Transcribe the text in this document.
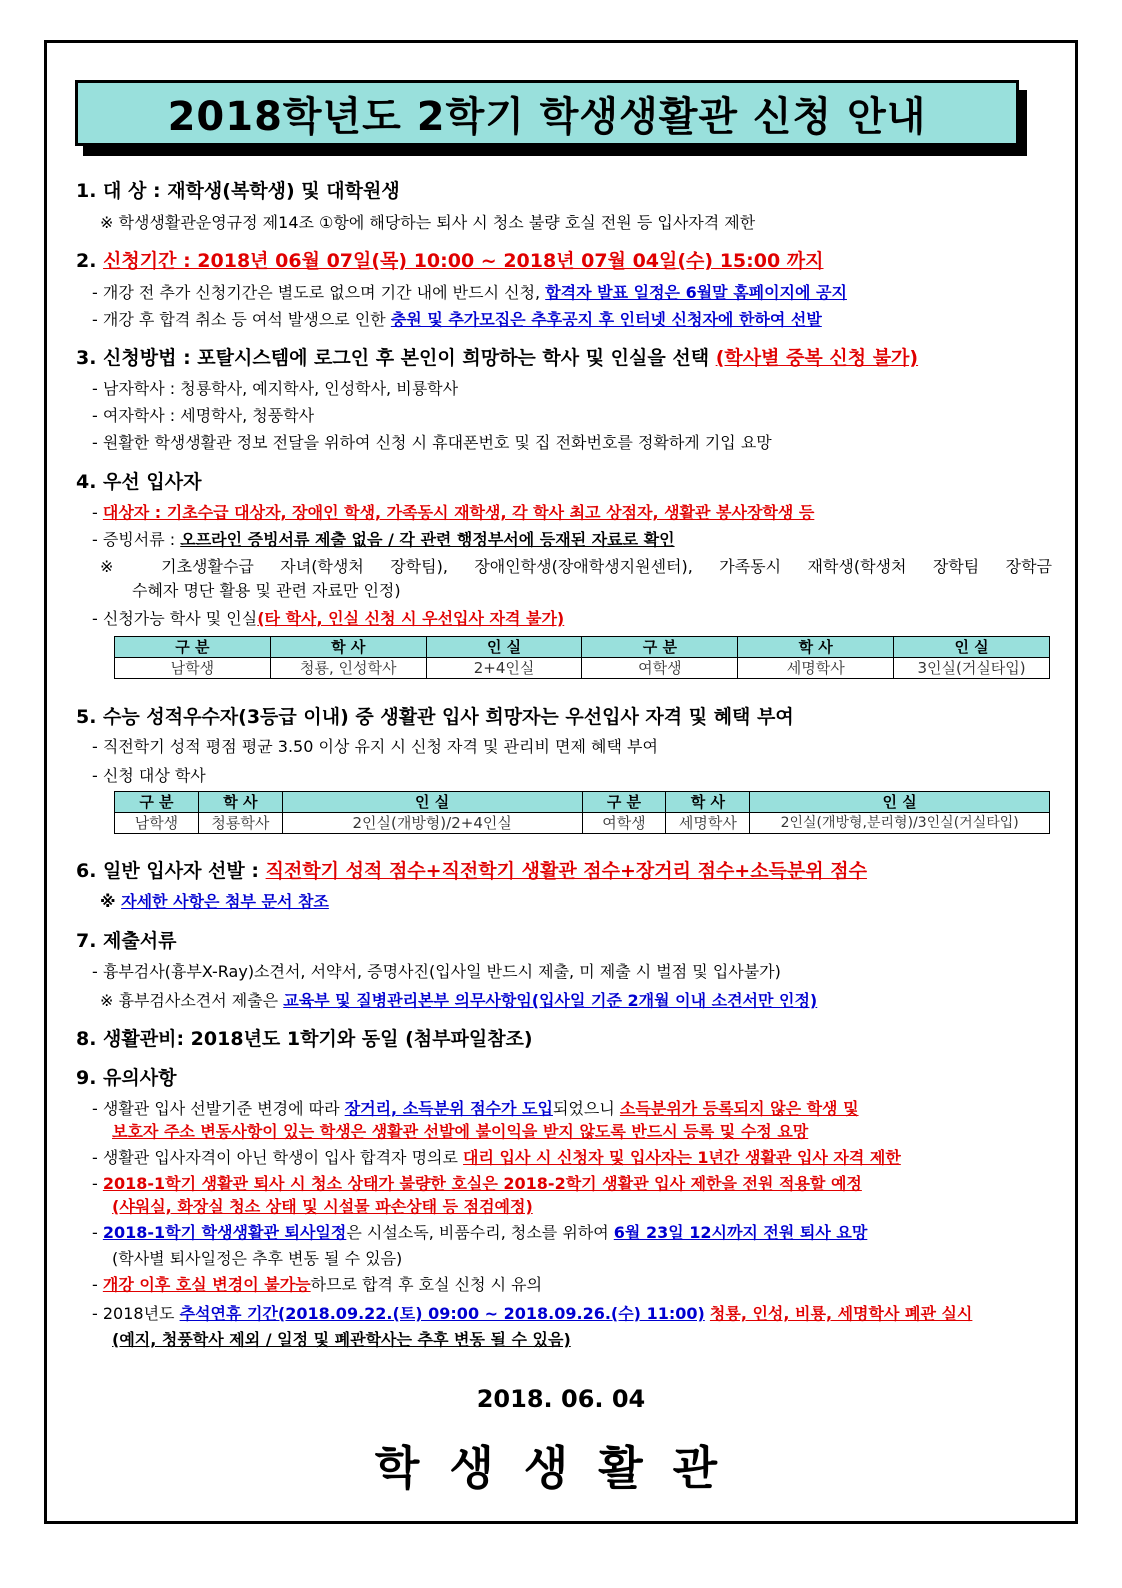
2018학년도 2학기 학생생활관 신청 안내
1. 대 상 : 재학생(복학생) 및 대학원생
※ 학생생활관운영규정 제14조 ①항에 해당하는 퇴사 시 청소 불량 호실 전원 등 입사자격 제한
2. 신청기간 : 2018년 06월 07일(목) 10:00 ~ 2018년 07월 04일(수) 15:00 까지
- 개강 전 추가 신청기간은 별도로 없으며 기간 내에 반드시 신청, 합격자 발표 일정은 6월말 홈페이지에 공지
- 개강 후 합격 취소 등 여석 발생으로 인한 충원 및 추가모집은 추후공지 후 인터넷 신청자에 한하여 선발
3. 신청방법 : 포탈시스템에 로그인 후 본인이 희망하는 학사 및 인실을 선택 (학사별 중복 신청 불가)
- 남자학사 : 청룡학사, 예지학사, 인성학사, 비룡학사
- 여자학사 : 세명학사, 청풍학사
- 원활한 학생생활관 정보 전달을 위하여 신청 시 휴대폰번호 및 집 전화번호를 정확하게 기입 요망
4. 우선 입사자
- 대상자 : 기초수급 대상자, 장애인 학생, 가족동시 재학생, 각 학사 최고 상점자, 생활관 봉사장학생 등
- 증빙서류 : 오프라인 증빙서류 제출 없음 / 각 관련 행정부서에 등재된 자료로 확인
※ 기초생활수급 자녀(학생처 장학팀), 장애인학생(장애학생지원센터), 가족동시 재학생(학생처 장학팀 장학금
수혜자 명단 활용 및 관련 자료만 인정)
- 신청가능 학사 및 인실(타 학사, 인실 신청 시 우선입사 자격 불가)
구 분	학 사	인 실	구 분	학 사	인 실
남학생	청룡, 인성학사	2+4인실	여학생	세명학사	3인실(거실타입)
5. 수능 성적우수자(3등급 이내) 중 생활관 입사 희망자는 우선입사 자격 및 혜택 부여
- 직전학기 성적 평점 평균 3.50 이상 유지 시 신청 자격 및 관리비 면제 혜택 부여
- 신청 대상 학사
구 분	학 사	인 실	구 분	학 사	인 실
남학생	청룡학사	2인실(개방형)/2+4인실	여학생	세명학사	2인실(개방형,분리형)/3인실(거실타입)
6. 일반 입사자 선발 : 직전학기 성적 점수+직전학기 생활관 점수+장거리 점수+소득분위 점수
※ 자세한 사항은 첨부 문서 참조
7. 제출서류
- 흉부검사(흉부X-Ray)소견서, 서약서, 증명사진(입사일 반드시 제출, 미 제출 시 벌점 및 입사불가)
※ 흉부검사소견서 제출은 교육부 및 질병관리본부 의무사항임(입사일 기준 2개월 이내 소견서만 인정)
8. 생활관비: 2018년도 1학기와 동일 (첨부파일참조)
9. 유의사항
- 생활관 입사 선발기준 변경에 따라 장거리, 소득분위 점수가 도입되었으니 소득분위가 등록되지 않은 학생 및
보호자 주소 변동사항이 있는 학생은 생활관 선발에 불이익을 받지 않도록 반드시 등록 및 수정 요망
- 생활관 입사자격이 아닌 학생이 입사 합격자 명의로 대리 입사 시 신청자 및 입사자는 1년간 생활관 입사 자격 제한
- 2018-1학기 생활관 퇴사 시 청소 상태가 불량한 호실은 2018-2학기 생활관 입사 제한을 전원 적용할 예정
(샤워실, 화장실 청소 상태 및 시설물 파손상태 등 점검예정)
- 2018-1학기 학생생활관 퇴사일정은 시설소독, 비품수리, 청소를 위하여 6월 23일 12시까지 전원 퇴사 요망
(학사별 퇴사일정은 추후 변동 될 수 있음)
- 개강 이후 호실 변경이 불가능하므로 합격 후 호실 신청 시 유의
- 2018년도 추석연휴 기간(2018.09.22.(토) 09:00 ~ 2018.09.26.(수) 11:00) 청룡, 인성, 비룡, 세명학사 폐관 실시
(예지, 청풍학사 제외 / 일정 및 폐관학사는 추후 변동 될 수 있음)
2018. 06. 04
학생생활관
